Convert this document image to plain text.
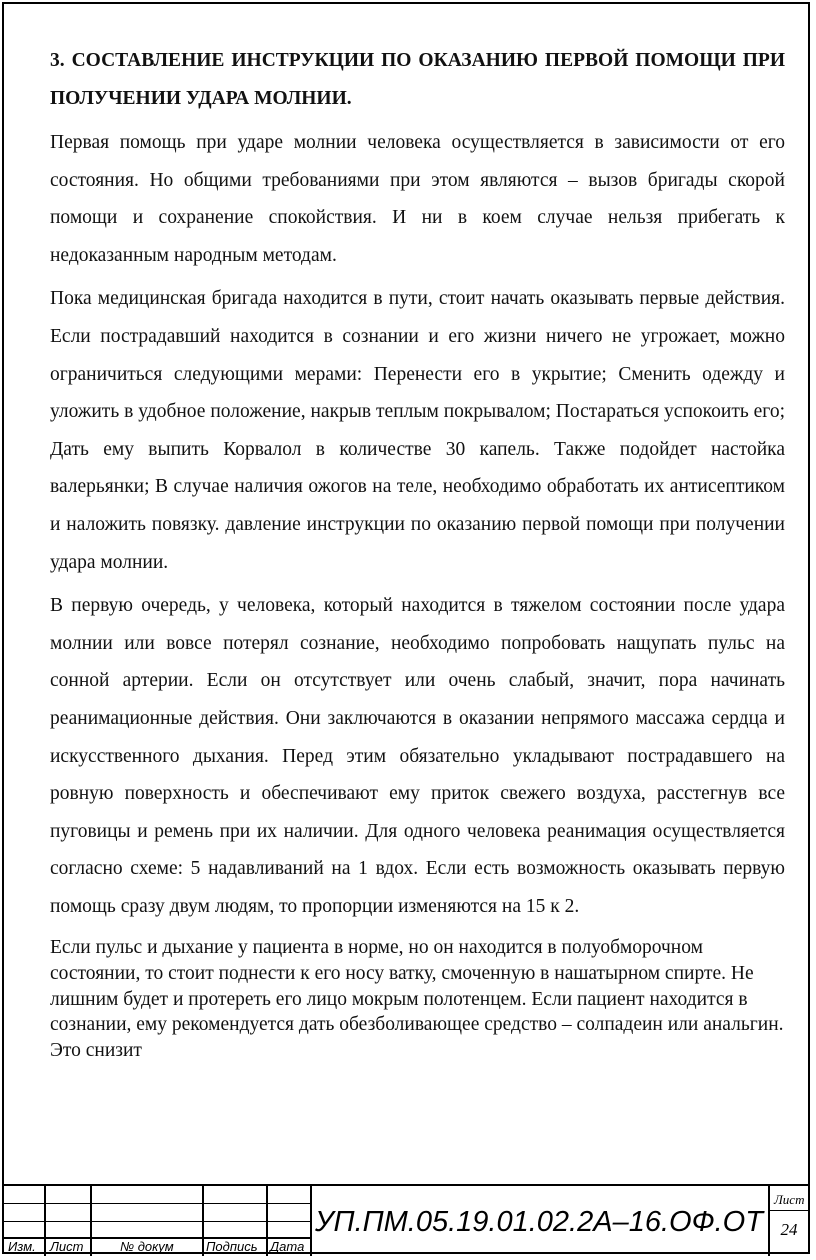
3. СОСТАВЛЕНИЕ ИНСТРУКЦИИ ПО ОКАЗАНИЮ ПЕРВОЙ ПОМОЩИ ПРИ ПОЛУЧЕНИИ УДАРА МОЛНИИ.

Первая помощь при ударе молнии человека осуществляется в зависимости от его состояния. Но общими требованиями при этом являются – вызов бригады скорой помощи и сохранение спокойствия. И ни в коем случае нельзя прибегать к недоказанным народным методам.

Пока медицинская бригада находится в пути, стоит начать оказывать первые действия. Если пострадавший находится в сознании и его жизни ничего не угрожает, можно ограничиться следующими мерами: Перенести его в укрытие; Сменить одежду и уложить в удобное положение, накрыв теплым покрывалом; Постараться успокоить его; Дать ему выпить Корвалол в количестве 30 капель. Также подойдет настойка валерьянки; В случае наличия ожогов на теле, необходимо обработать их антисептиком и наложить повязку. давление инструкции по оказанию первой помощи при получении удара молнии.

В первую очередь, у человека, который находится в тяжелом состоянии после удара молнии или вовсе потерял сознание, необходимо попробовать нащупать пульс на сонной артерии. Если он отсутствует или очень слабый, значит, пора начинать реанимационные действия. Они заключаются в оказании непрямого массажа сердца и искусственного дыхания. Перед этим обязательно укладывают пострадавшего на ровную поверхность и обеспечивают ему приток свежего воздуха, расстегнув все пуговицы и ремень при их наличии. Для одного человека реанимация осуществляется согласно схеме: 5 надавливаний на 1 вдох. Если есть возможность оказывать первую помощь сразу двум людям, то пропорции изменяются на 15 к 2.

Если пульс и дыхание у пациента в норме, но он находится в полуобморочном состоянии, то стоит поднести к его носу ватку, смоченную в нашатырном спирте. Не лишним будет и протереть его лицо мокрым полотенцем. Если пациент находится в сознании, ему рекомендуется дать обезболивающее средство – солпадеин или анальгин. Это снизит

Изм. Лист	№ докум Подпись Дата
УП.ПМ.05.19.01.02.2А–16.ОФ.ОТ
Лист
24
